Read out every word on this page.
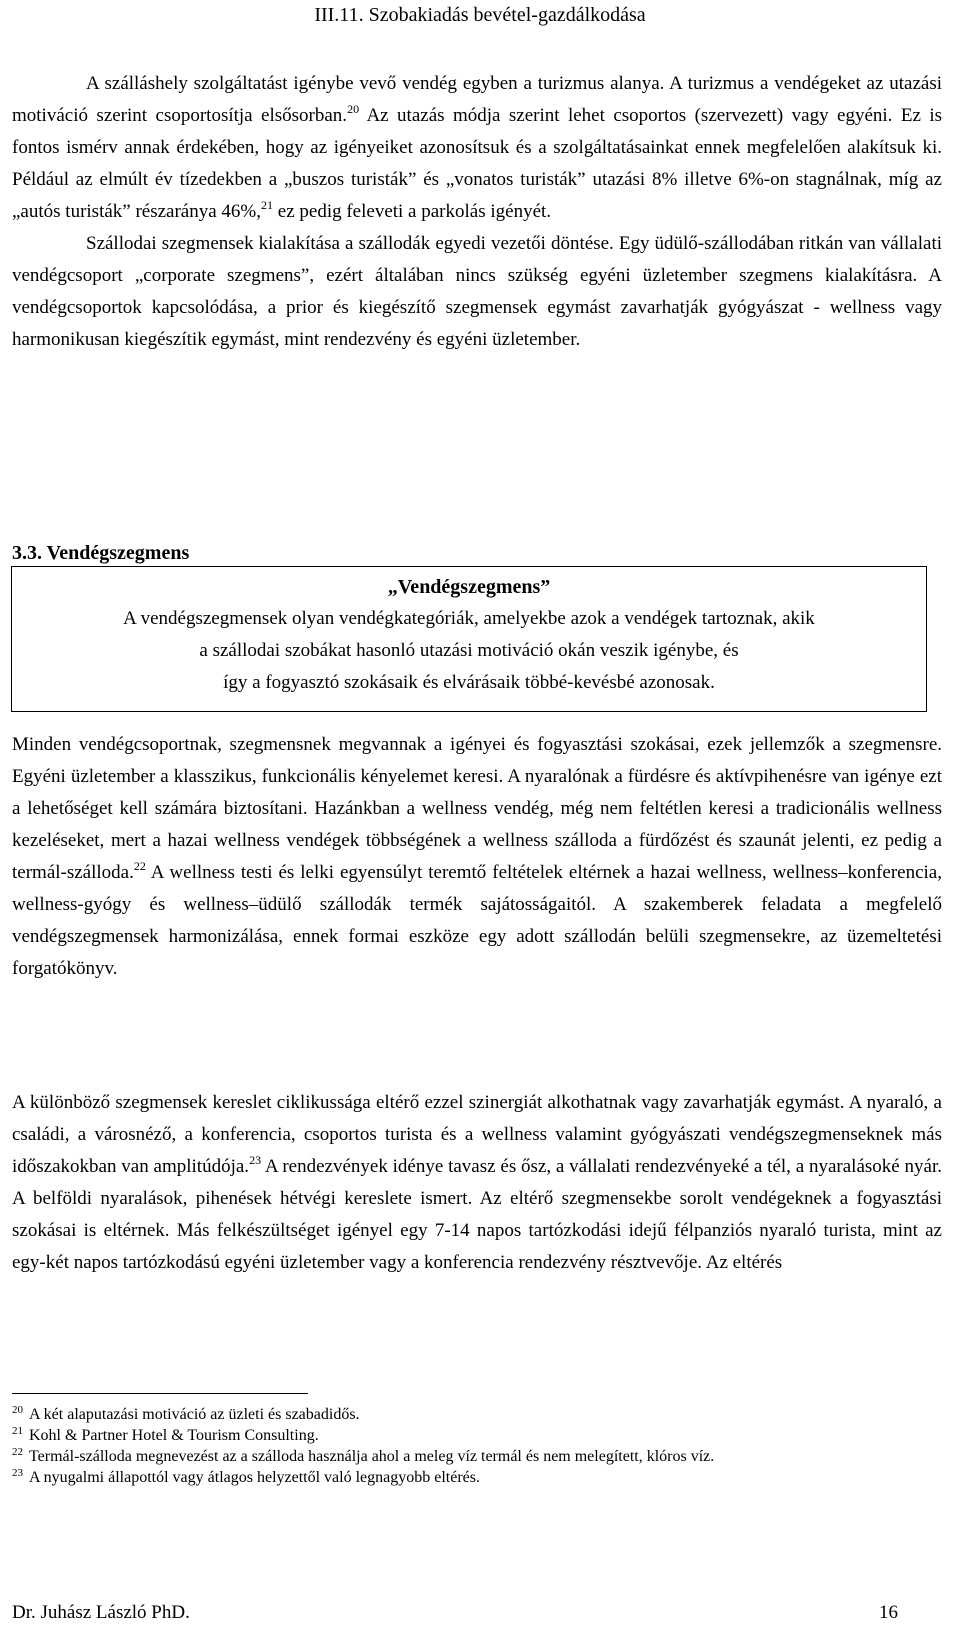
III.11. Szobakiadás bevétel-gazdálkodása

A szálláshely szolgáltatást igénybe vevő vendég egyben a turizmus alanya. A turizmus a vendégeket az utazási motiváció szerint csoportosítja elsősorban.$^{20}$ Az utazás módja szerint lehet csoportos (szervezett) vagy egyéni. Ez is fontos ismérv annak érdekében, hogy az igényeiket azonosítsuk és a szolgáltatásainkat ennek megfelelően alakítsuk ki. Például az elmúlt év tízedekben a „buszos turisták” és „vonatos turisták” utazási 8% illetve 6%-on stagnálnak, míg az „autós turisták” részaránya 46%,$^{21}$ ez pedig feleveti a parkolás igényét.

Szállodai szegmensek kialakítása a szállodák egyedi vezetői döntése. Egy üdülő-szállodában ritkán van vállalati vendégcsoport „corporate szegmens”, ezért általában nincs szükség egyéni üzletember szegmens kialakításra. A vendégcsoportok kapcsolódása, a prior és kiegészítő szegmensek egymást zavarhatják gyógyászat - wellness vagy harmonikusan kiegészítik egymást, mint rendezvény és egyéni üzletember.

3.3. Vendégszegmens
„Vendégszegmens”
A vendégszegmensek olyan vendégkategóriák, amelyekbe azok a vendégek tartoznak, akik
a szállodai szobákat hasonló utazási motiváció okán veszik igénybe, és
így a fogyasztó szokásaik és elvárásaik többé-kevésbé azonosak.

Minden vendégcsoportnak, szegmensnek megvannak a igényei és fogyasztási szokásai, ezek jellemzők a szegmensre. Egyéni üzletember a klasszikus, funkcionális kényelemet keresi. A nyaralónak a fürdésre és aktívpihenésre van igénye ezt a lehetőséget kell számára biztosítani. Hazánkban a wellness vendég, még nem feltétlen keresi a tradicionális wellness kezeléseket, mert a hazai wellness vendégek többségének a wellness szálloda a fürdőzést és szaunát jelenti, ez pedig a termál-szálloda.$^{22}$ A wellness testi és lelki egyensúlyt teremtő feltételek eltérnek a hazai wellness, wellness–konferencia, wellness-gyógy és wellness–üdülő szállodák termék sajátosságaitól. A szakemberek feladata a megfelelő vendégszegmensek harmonizálása, ennek formai eszköze egy adott szállodán belüli szegmensekre, az üzemeltetési forgatókönyv.

A különböző szegmensek kereslet ciklikussága eltérő ezzel szinergiát alkothatnak vagy zavarhatják egymást. A nyaraló, a családi, a városnéző, a konferencia, csoportos turista és a wellness valamint gyógyászati vendégszegmenseknek más időszakokban van amplitúdója.$^{23}$ A rendezvények idénye tavasz és ősz, a vállalati rendezvényeké a tél, a nyaralásoké nyár. A belföldi nyaralások, pihenések hétvégi kereslete ismert. Az eltérő szegmensekbe sorolt vendégeknek a fogyasztási szokásai is eltérnek. Más felkészültséget igényel egy 7-14 napos tartózkodási idejű félpanziós nyaraló turista, mint az egy-két napos tartózkodású egyéni üzletember vagy a konferencia rendezvény résztvevője. Az eltérés

$^{20}$ A két alaputazási motiváció az üzleti és szabadidős.

$^{21}$ Kohl & Partner Hotel & Tourism Consulting.

$^{22}$ Termál-szálloda megnevezést az a szálloda használja ahol a meleg víz termál és nem melegített, klóros víz.

$^{23}$ A nyugalmi állapottól vagy átlagos helyzettől való legnagyobb eltérés.

Dr. Juhász László PhD.	16
